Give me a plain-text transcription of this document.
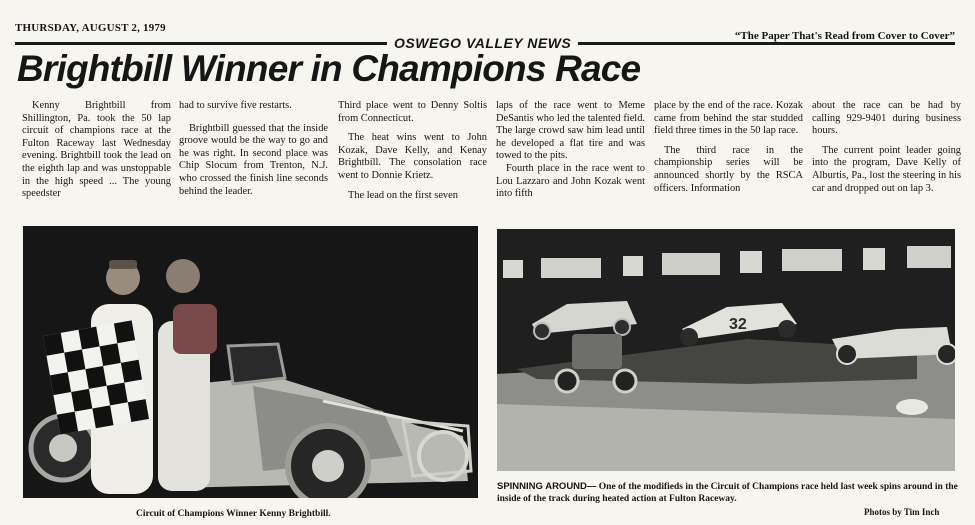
THURSDAY, AUGUST 2, 1979
OSWEGO VALLEY NEWS	“The Paper That's Read from Cover to Cover”
Brightbill Winner in Champions Race

Kenny Brightbill from Shillington, Pa. took the 50 lap circuit of champions race at the Fulton Raceway last Wednesday evening. Brightbill took the lead on the eighth lap and was unstoppable in the high speed ... The young speedster

had to survive five restarts.

Brightbill guessed that the inside groove would be the way to go and he was right. In second place was Chip Slocum from Trenton, N.J. who crossed the finish line seconds behind the leader.

Third place went to Denny Soltis from Connecticut.

The heat wins went to John Kozak, Dave Kelly, and Kenay Brightbill. The consolation race went to Donnie Krietz.

The lead on the first seven

laps of the race went to Meme DeSantis who led the talented field. The large crowd saw him lead until he developed a flat tire and was towed to the pits.

Fourth place in the race went to Lou Lazzaro and John Kozak went into fifth

place by the end of the race. Kozak came from behind the star studded field three times in the 50 lap race.

The third race in the championship series will be announced shortly by the RSCA officers. Information

about the race can be had by calling 929-9401 during business hours.

The current point leader going into the program, Dave Kelly of Alburtis, Pa., lost the steering in his car and dropped out on lap 3.

Circuit of Champions Winner Kenny Brightbill.
32
SPINNING AROUND— One of the modifieds in the Circuit of Champions race held last week spins around in the inside of the track during heated action at Fulton Raceway.
Photos by Tim Inch
